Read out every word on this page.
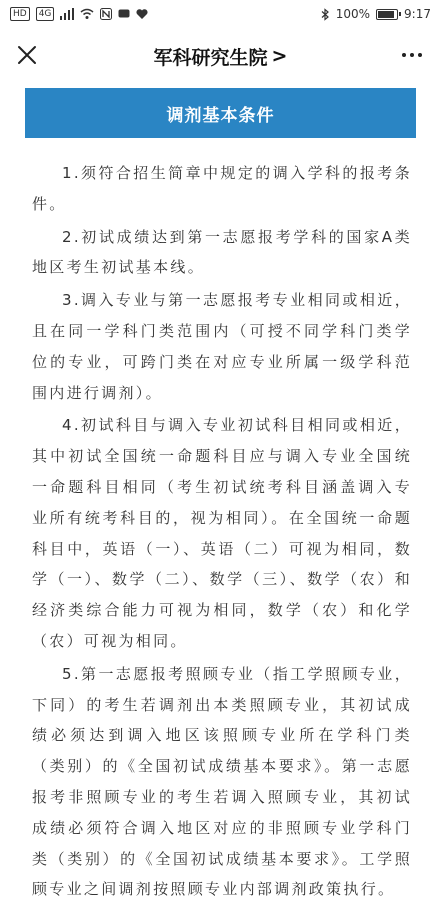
HD	4G	100%	9:17
军科研究生院 >
调剂基本条件

1.须符合招生简章中规定的调入学科的报考条件。

2.初试成绩达到第一志愿报考学科的国家A类地区考生初试基本线。

3.调入专业与第一志愿报考专业相同或相近，且在同一学科门类范围内（可授不同学科门类学位的专业，可跨门类在对应专业所属一级学科范围内进行调剂）。

4.初试科目与调入专业初试科目相同或相近，其中初试全国统一命题科目应与调入专业全国统一命题科目相同（考生初试统考科目涵盖调入专业所有统考科目的，视为相同）。在全国统一命题科目中，英语（一）、英语（二）可视为相同，数学（一）、数学（二）、数学（三）、数学（农）和经济类综合能力可视为相同，数学（农）和化学（农）可视为相同。

5.第一志愿报考照顾专业（指工学照顾专业，下同）的考生若调剂出本类照顾专业，其初试成绩必须达到调入地区该照顾专业所在学科门类（类别）的《全国初试成绩基本要求》。第一志愿报考非照顾专业的考生若调入照顾专业，其初试成绩必须符合调入地区对应的非照顾专业学科门类（类别）的《全国初试成绩基本要求》。工学照顾专业之间调剂按照顾专业内部调剂政策执行。
